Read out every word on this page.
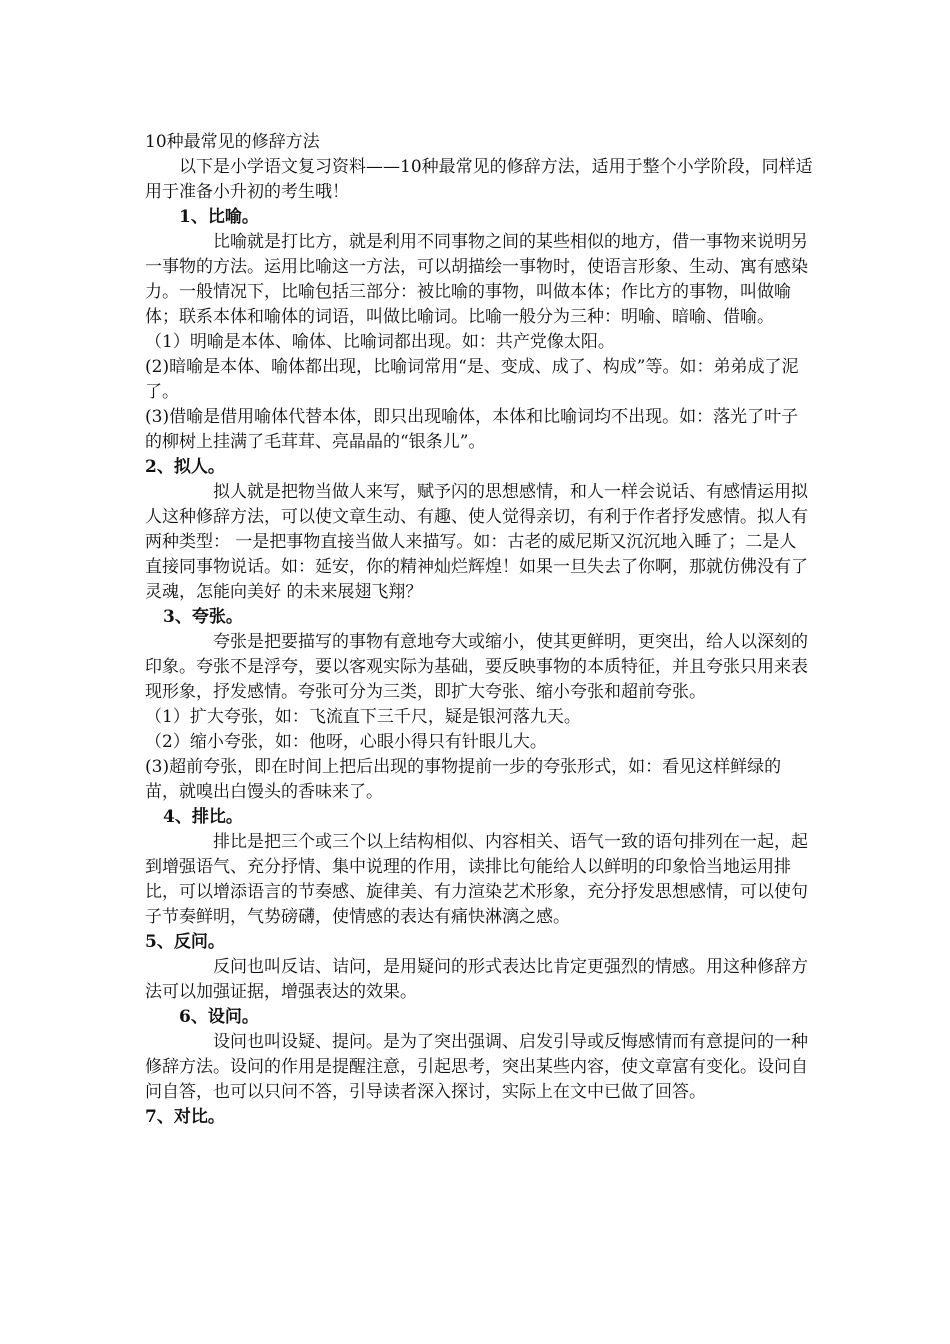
10种最常见的修辞方法

以下是小学语文复习资料——10种最常见的修辞方法，适用于整个小学阶段，同样适用于准备小升初的考生哦！

1、比喻。

比喻就是打比方，就是利用不同事物之间的某些相似的地方，借一事物来说明另一事物的方法。运用比喻这一方法，可以胡描绘一事物时，使语言形象、生动、寓有感染力。一般情况下，比喻包括三部分：被比喻的事物，叫做本体；作比方的事物，叫做喻体；联系本体和喻体的词语，叫做比喻词。比喻一般分为三种：明喻、暗喻、借喻。

（1）明喻是本体、喻体、比喻词都出现。如：共产党像太阳。

(2)暗喻是本体、喻体都出现，比喻词常用“是、变成、成了、构成”等。如：弟弟成了泥了。

(3)借喻是借用喻体代替本体，即只出现喻体，本体和比喻词均不出现。如：落光了叶子的柳树上挂满了毛茸茸、亮晶晶的“银条儿”。

2、拟人。

拟人就是把物当做人来写，赋予闪的思想感情，和人一样会说话、有感情运用拟人这种修辞方法，可以使文章生动、有趣、使人觉得亲切，有利于作者抒发感情。拟人有两种类型： 一是把事物直接当做人来描写。如：古老的威尼斯又沉沉地入睡了；二是人直接同事物说话。如：延安，你的精神灿烂辉煌！如果一旦失去了你啊，那就仿佛没有了灵魂，怎能向美好 的未来展翅飞翔？

3、夸张。

夸张是把要描写的事物有意地夸大或缩小，使其更鲜明，更突出，给人以深刻的印象。夸张不是浮夸，要以客观实际为基础，要反映事物的本质特征，并且夸张只用来表现形象，抒发感情。夸张可分为三类，即扩大夸张、缩小夸张和超前夸张。

（1）扩大夸张，如：飞流直下三千尺，疑是银河落九天。

（2）缩小夸张，如：他呀，心眼小得只有针眼儿大。

(3)超前夸张，即在时间上把后出现的事物提前一步的夸张形式，如：看见这样鲜绿的苗，就嗅出白馒头的香味来了。

4、排比。

排比是把三个或三个以上结构相似、内容相关、语气一致的语句排列在一起，起到增强语气、充分抒情、集中说理的作用，读排比句能给人以鲜明的印象恰当地运用排比，可以增添语言的节奏感、旋律美、有力渲染艺术形象，充分抒发思想感情，可以使句子节奏鲜明，气势磅礴，使情感的表达有痛快淋漓之感。

5、反问。

反问也叫反诘、诘问，是用疑问的形式表达比肯定更强烈的情感。用这种修辞方法可以加强证据，增强表达的效果。

6、设问。

设问也叫设疑、提问。是为了突出强调、启发引导或反悔感情而有意提问的一种修辞方法。设问的作用是提醒注意，引起思考，突出某些内容，使文章富有变化。设问自问自答，也可以只问不答，引导读者深入探讨，实际上在文中已做了回答。

7、对比。
